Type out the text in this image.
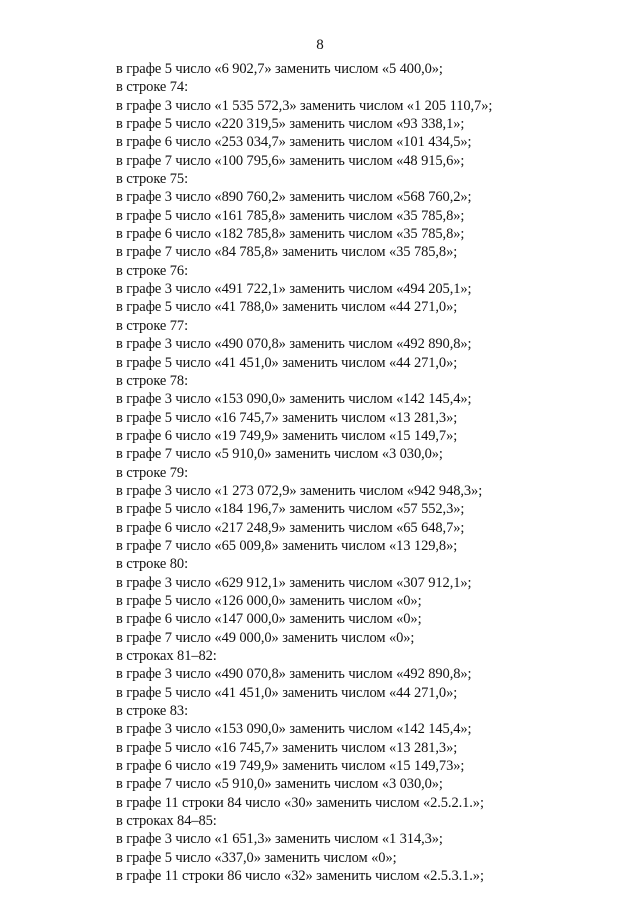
8
в графе 5 число «6 902,7» заменить числом «5 400,0»;
в строке 74:
в графе 3 число «1 535 572,3» заменить числом «1 205 110,7»;
в графе 5 число «220 319,5» заменить числом «93 338,1»;
в графе 6 число «253 034,7» заменить числом «101 434,5»;
в графе 7 число «100 795,6» заменить числом «48 915,6»;
в строке 75:
в графе 3 число «890 760,2» заменить числом «568 760,2»;
в графе 5 число «161 785,8» заменить числом «35 785,8»;
в графе 6 число «182 785,8» заменить числом «35 785,8»;
в графе 7 число «84 785,8» заменить числом «35 785,8»;
в строке 76:
в графе 3 число «491 722,1» заменить числом «494 205,1»;
в графе 5 число «41 788,0» заменить числом «44 271,0»;
в строке 77:
в графе 3 число «490 070,8» заменить числом «492 890,8»;
в графе 5 число «41 451,0» заменить числом «44 271,0»;
в строке 78:
в графе 3 число «153 090,0» заменить числом «142 145,4»;
в графе 5 число «16 745,7» заменить числом «13 281,3»;
в графе 6 число «19 749,9» заменить числом «15 149,7»;
в графе 7 число «5 910,0» заменить числом «3 030,0»;
в строке 79:
в графе 3 число «1 273 072,9» заменить числом «942 948,3»;
в графе 5 число «184 196,7» заменить числом «57 552,3»;
в графе 6 число «217 248,9» заменить числом «65 648,7»;
в графе 7 число «65 009,8» заменить числом «13 129,8»;
в строке 80:
в графе 3 число «629 912,1» заменить числом «307 912,1»;
в графе 5 число «126 000,0» заменить числом «0»;
в графе 6 число «147 000,0» заменить числом «0»;
в графе 7 число «49 000,0» заменить числом «0»;
в строках 81–82:
в графе 3 число «490 070,8» заменить числом «492 890,8»;
в графе 5 число «41 451,0» заменить числом «44 271,0»;
в строке 83:
в графе 3 число «153 090,0» заменить числом «142 145,4»;
в графе 5 число «16 745,7» заменить числом «13 281,3»;
в графе 6 число «19 749,9» заменить числом «15 149,73»;
в графе 7 число «5 910,0» заменить числом «3 030,0»;
в графе 11 строки 84 число «30» заменить числом «2.5.2.1.»;
в строках 84–85:
в графе 3 число «1 651,3» заменить числом «1 314,3»;
в графе 5 число «337,0» заменить числом «0»;
в графе 11 строки 86 число «32» заменить числом «2.5.3.1.»;
